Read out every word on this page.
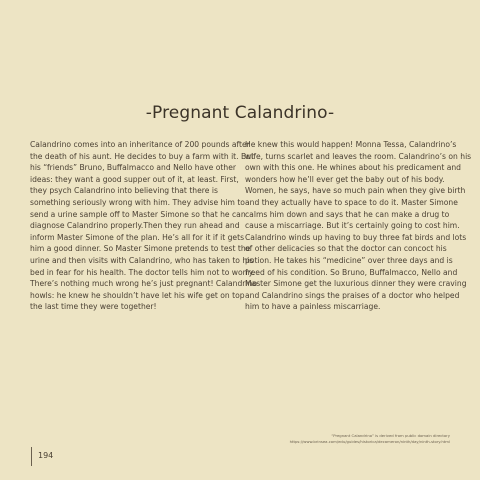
-Pregnant Calandrino-

Calandrino comes into an inheritance of 200 pounds after the death of his aunt. He decides to buy a farm with it. But his “friends” Bruno, Buffalmacco and Nello have other ideas: they want a good supper out of it, at least. First, they psych Calandrino into believing that there is something seriously wrong with him. They advise him to send a urine sample off to Master Simone so that he can diagnose Calandrino properly.Then they run ahead and inform Master Simone of the plan. He’s all for it if it gets him a good dinner. So Master Simone pretends to test the urine and then visits with Calandrino, who has taken to his bed in fear for his health. The doctor tells him not to worry. There’s nothing much wrong he’s just pregnant! Calandrino howls: he knew he shouldn’t have let his wife get on top the last time they were together!

He knew this would happen! Monna Tessa, Calandrino’s wife, turns scarlet and leaves the room. Calandrino’s on his own with this one. He whines about his predicament and wonders how he’ll ever get the baby out of his body. Women, he says, have so much pain when they give birth and they actually have to space to do it. Master Simone calms him down and says that he can make a drug to cause a miscarriage. But it’s certainly going to cost him. Calandrino winds up having to buy three fat birds and lots of other delicacies so that the doctor can concoct his potion. He takes his “medicine” over three days and is freed of his condition. So Bruno, Buffalmacco, Nello and Master Simone get the luxurious dinner they were craving and Calandrino sings the praises of a doctor who helped him to have a painless miscarriage.

“Pregnant Calandrino” is derived from public domain directory
https://www.brinsea.com/edu/guides/historica/decameron/ninth/day/ninth-story.html
194
